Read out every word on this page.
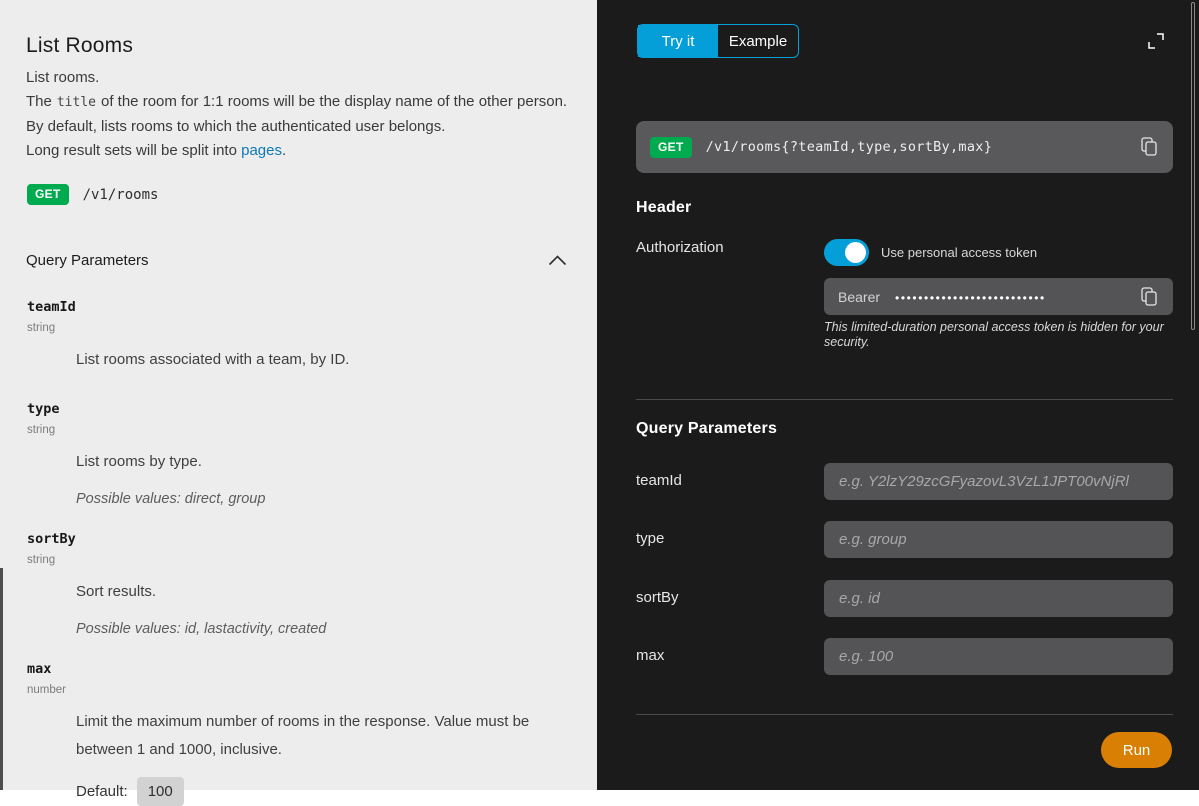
List Rooms
List rooms.
The title of the room for 1:1 rooms will be the display name of the other person.
By default, lists rooms to which the authenticated user belongs.
Long result sets will be split into pages.
GET	/v1/rooms
Query Parameters
teamId
string
List rooms associated with a team, by ID.
type
string
List rooms by type.
Possible values: direct, group
sortBy
string
Sort results.
Possible values: id, lastactivity, created
max
number
Limit the maximum number of rooms in the response. Value must be between 1 and 1000, inclusive.
Default:	100
Try it	Example
GET	/v1/rooms{?teamId,type,sortBy,max}
Header
Authorization	Use personal access token
Bearer ••••••••••••••••••••••••••
This limited-duration personal access token is hidden for your security.
Query Parameters
teamId
e.g. Y2lzY29zcGFyazovL3VzL1JPT00vNjRl
type
e.g. group
sortBy
e.g. id
max
e.g. 100
Run
